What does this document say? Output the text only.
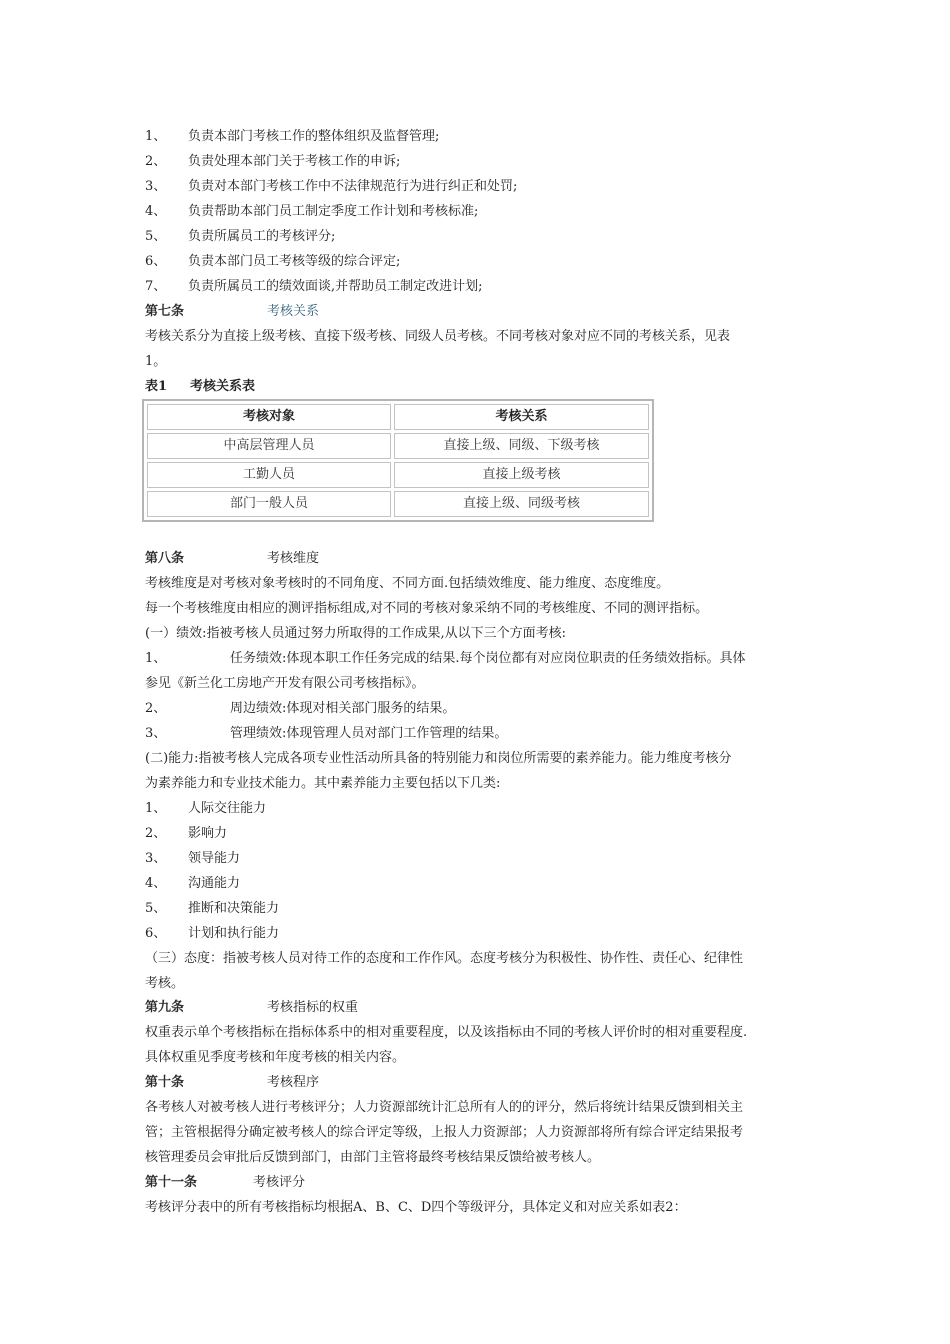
1、 负责本部门考核工作的整体组织及监督管理;
2、 负责处理本部门关于考核工作的申诉;
3、 负责对本部门考核工作中不法律规范行为进行纠正和处罚;
4、 负责帮助本部门员工制定季度工作计划和考核标准;
5、 负责所属员工的考核评分;
6、 负责本部门员工考核等级的综合评定;
7、 负责所属员工的绩效面谈,并帮助员工制定改进计划;
第七条	考核关系
考核关系分为直接上级考核、直接下级考核、同级人员考核。不同考核对象对应不同的考核关系，见表
1。
表1 考核关系表
考核对象	考核关系
中高层管理人员	直接上级、同级、下级考核
工勤人员	直接上级考核
部门一般人员	直接上级、同级考核
第八条	考核维度
考核维度是对考核对象考核时的不同角度、不同方面.包括绩效维度、能力维度、态度维度。
每一个考核维度由相应的测评指标组成,对不同的考核对象采纳不同的考核维度、不同的测评指标。
(一）绩效:指被考核人员通过努力所取得的工作成果,从以下三个方面考核:
1、	任务绩效:体现本职工作任务完成的结果.每个岗位都有对应岗位职责的任务绩效指标。具体
参见《新兰化工房地产开发有限公司考核指标》。
2、	周边绩效:体现对相关部门服务的结果。
3、	管理绩效:体现管理人员对部门工作管理的结果。
(二)能力:指被考核人完成各项专业性活动所具备的特别能力和岗位所需要的素养能力。能力维度考核分
为素养能力和专业技术能力。其中素养能力主要包括以下几类:
1、 人际交往能力
2、 影响力
3、 领导能力
4、 沟通能力
5、 推断和决策能力
6、 计划和执行能力
（三）态度：指被考核人员对待工作的态度和工作作风。态度考核分为积极性、协作性、责任心、纪律性
考核。
第九条	考核指标的权重
权重表示单个考核指标在指标体系中的相对重要程度，以及该指标由不同的考核人评价时的相对重要程度.
具体权重见季度考核和年度考核的相关内容。
第十条	考核程序
各考核人对被考核人进行考核评分；人力资源部统计汇总所有人的的评分，然后将统计结果反馈到相关主
管；主管根据得分确定被考核人的综合评定等级，上报人力资源部；人力资源部将所有综合评定结果报考
核管理委员会审批后反馈到部门，由部门主管将最终考核结果反馈给被考核人。
第十一条	考核评分
考核评分表中的所有考核指标均根据A、B、C、D四个等级评分，具体定义和对应关系如表2：
